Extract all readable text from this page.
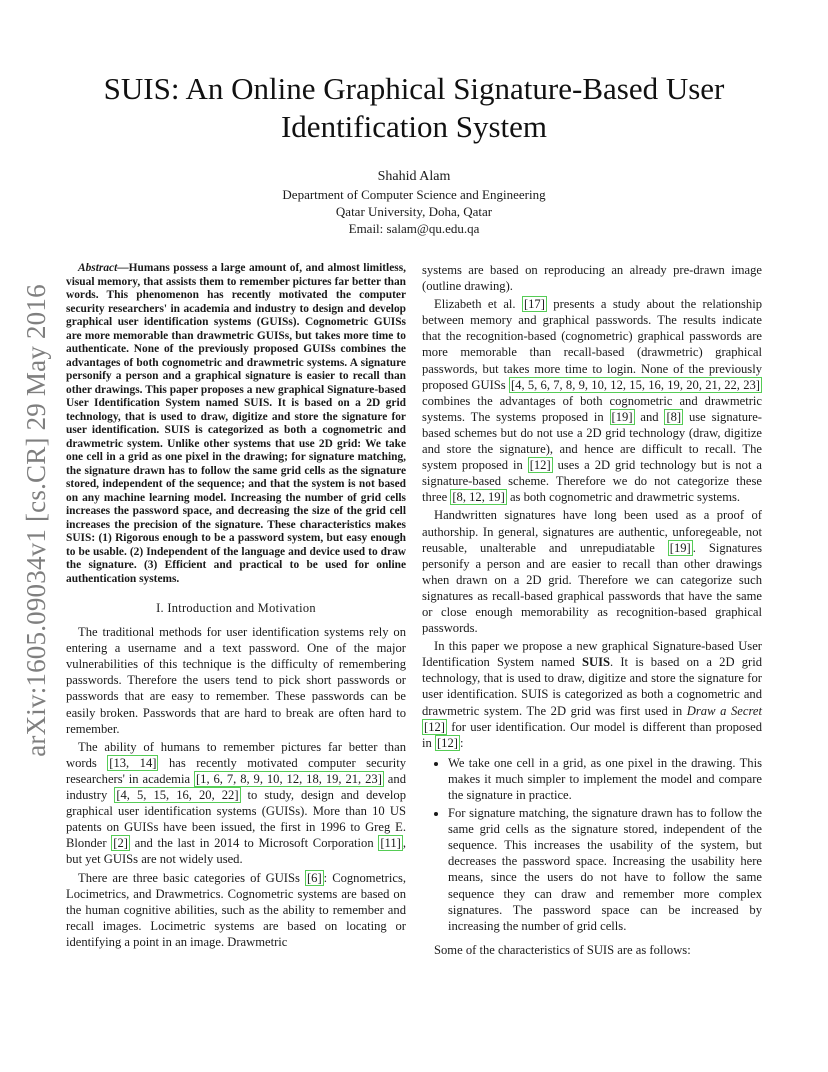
arXiv:1605.09034v1 [cs.CR] 29 May 2016
SUIS: An Online Graphical Signature-Based User
Identification System
Shahid Alam
Department of Computer Science and Engineering
Qatar University, Doha, Qatar
Email: salam@qu.edu.qa

Abstract—Humans possess a large amount of, and almost limitless, visual memory, that assists them to remember pictures far better than words. This phenomenon has recently motivated the computer security researchers' in academia and industry to design and develop graphical user identification systems (GUISs). Cognometric GUISs are more memorable than drawmetric GUISs, but takes more time to authenticate. None of the previously proposed GUISs combines the advantages of both cognometric and drawmetric systems. A signature personify a person and a graphical signature is easier to recall than other drawings. This paper proposes a new graphical Signature-based User Identification System named SUIS. It is based on a 2D grid technology, that is used to draw, digitize and store the signature for user identification. SUIS is categorized as both a cognometric and drawmetric system. Unlike other systems that use 2D grid: We take one cell in a grid as one pixel in the drawing; for signature matching, the signature drawn has to follow the same grid cells as the signature stored, independent of the sequence; and that the system is not based on any machine learning model. Increasing the number of grid cells increases the password space, and decreasing the size of the grid cell increases the precision of the signature. These characteristics makes SUIS: (1) Rigorous enough to be a password system, but easy enough to be usable. (2) Independent of the language and device used to draw the signature. (3) Efficient and practical to be used for online authentication systems.

I. Introduction and Motivation

The traditional methods for user identification systems rely on entering a username and a text password. One of the major vulnerabilities of this technique is the difficulty of remembering passwords. Therefore the users tend to pick short passwords or passwords that are easy to remember. These passwords can be easily broken. Passwords that are hard to break are often hard to remember.

The ability of humans to remember pictures far better than words [13, 14] has recently motivated computer security researchers' in academia [1, 6, 7, 8, 9, 10, 12, 18, 19, 21, 23] and industry [4, 5, 15, 16, 20, 22] to study, design and develop graphical user identification systems (GUISs). More than 10 US patents on GUISs have been issued, the first in 1996 to Greg E. Blonder [2] and the last in 2014 to Microsoft Corporation [11] , but yet GUISs are not widely used.

There are three basic categories of GUISs [6] : Cognometrics, Locimetrics, and Drawmetrics. Cognometric systems are based on the human cognitive abilities, such as the ability to remember and recall images. Locimetric systems are based on locating or identifying a point in an image. Drawmetric

systems are based on reproducing an already pre-drawn image (outline drawing).

Elizabeth et al. [17] presents a study about the relationship between memory and graphical passwords. The results indicate that the recognition-based (cognometric) graphical passwords are more memorable than recall-based (drawmetric) graphical passwords, but takes more time to login. None of the previously proposed GUISs [4, 5, 6, 7, 8, 9, 10, 12, 15, 16, 19, 20, 21, 22, 23] combines the advantages of both cognometric and drawmetric systems. The systems proposed in [19] and [8] use signature-based schemes but do not use a 2D grid technology (draw, digitize and store the signature), and hence are difficult to recall. The system proposed in [12] uses a 2D grid technology but is not a signature-based scheme. Therefore we do not categorize these three [8, 12, 19] as both cognometric and drawmetric systems.

Handwritten signatures have long been used as a proof of authorship. In general, signatures are authentic, unforegeable, not reusable, unalterable and unrepudiatable [19] . Signatures personify a person and are easier to recall than other drawings when drawn on a 2D grid. Therefore we can categorize such signatures as recall-based graphical passwords that have the same or close enough memorability as recognition-based graphical passwords.

In this paper we propose a new graphical Signature-based User Identification System named SUIS. It is based on a 2D grid technology, that is used to draw, digitize and store the signature for user identification. SUIS is categorized as both a cognometric and drawmetric system. The 2D grid was first used in Draw a Secret [12] for user identification. Our model is different than proposed in [12] :

• We take one cell in a grid, as one pixel in the drawing. This makes it much simpler to implement the model and compare the signature in practice.
• For signature matching, the signature drawn has to follow the same grid cells as the signature stored, independent of the sequence. This increases the usability of the system, but decreases the password space. Increasing the usability here means, since the users do not have to follow the same sequence they can draw and remember more complex signatures. The password space can be increased by increasing the number of grid cells.

Some of the characteristics of SUIS are as follows:
